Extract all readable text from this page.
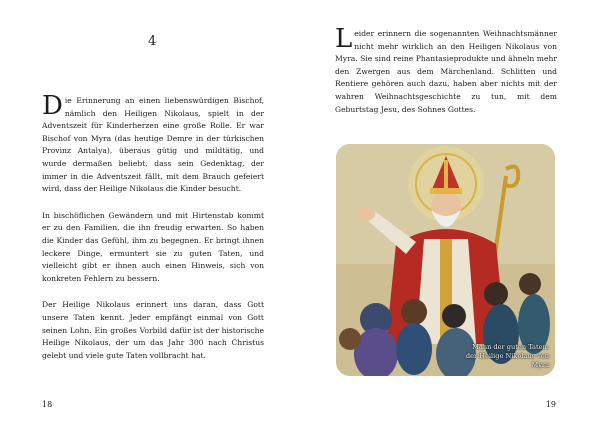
4

Die Erinnerung an einen liebenswürdigen Bischof, nämlich den Heiligen Nikolaus, spielt in der Adventszeit für Kinderherzen eine große Rolle. Er war Bischof von Myra (das heutige Demre in der türkischen Provinz Antalya), überaus gütig und mildtätig, und wurde dermaßen beliebt, dass sein Gedenktag, der immer in die Adventszeit fällt, mit dem Brauch gefeiert wird, dass der Heilige Nikolaus die Kinder besucht.

In bischöflichen Gewändern und mit Hirtenstab kommt er zu den Familien, die ihn freudig erwarten. So haben die Kinder das Gefühl, ihm zu begegnen. Er bringt ihnen leckere Dinge, ermuntert sie zu guten Taten, und vielleicht gibt er ihnen auch einen Hinweis, sich von konkreten Fehlern zu bessern.

Der Heilige Nikolaus erinnert uns daran, dass Gott unsere Taten kennt. Jeder empfängt einmal von Gott seinen Lohn. Ein großes Vorbild dafür ist der historische Heilige Nikolaus, der um das Jahr 300 nach Christus gelebt und viele gute Taten vollbracht hat.

Leider erinnern die sogenannten Weihnachtsmänner nicht mehr wirklich an den Heiligen Nikolaus von Myra. Sie sind reine Phantasieprodukte und ähneln mehr den Zwergen aus dem Märchenland. Schlitten und Rentiere gehören auch dazu, haben aber nichts mit der wahren Weihnachtsgeschichte zu tun, mit dem Geburtstag Jesu, des Sohnes Gottes.

Mann der guten Taten:
der Heilige Nikolaus von Myra
18	19
